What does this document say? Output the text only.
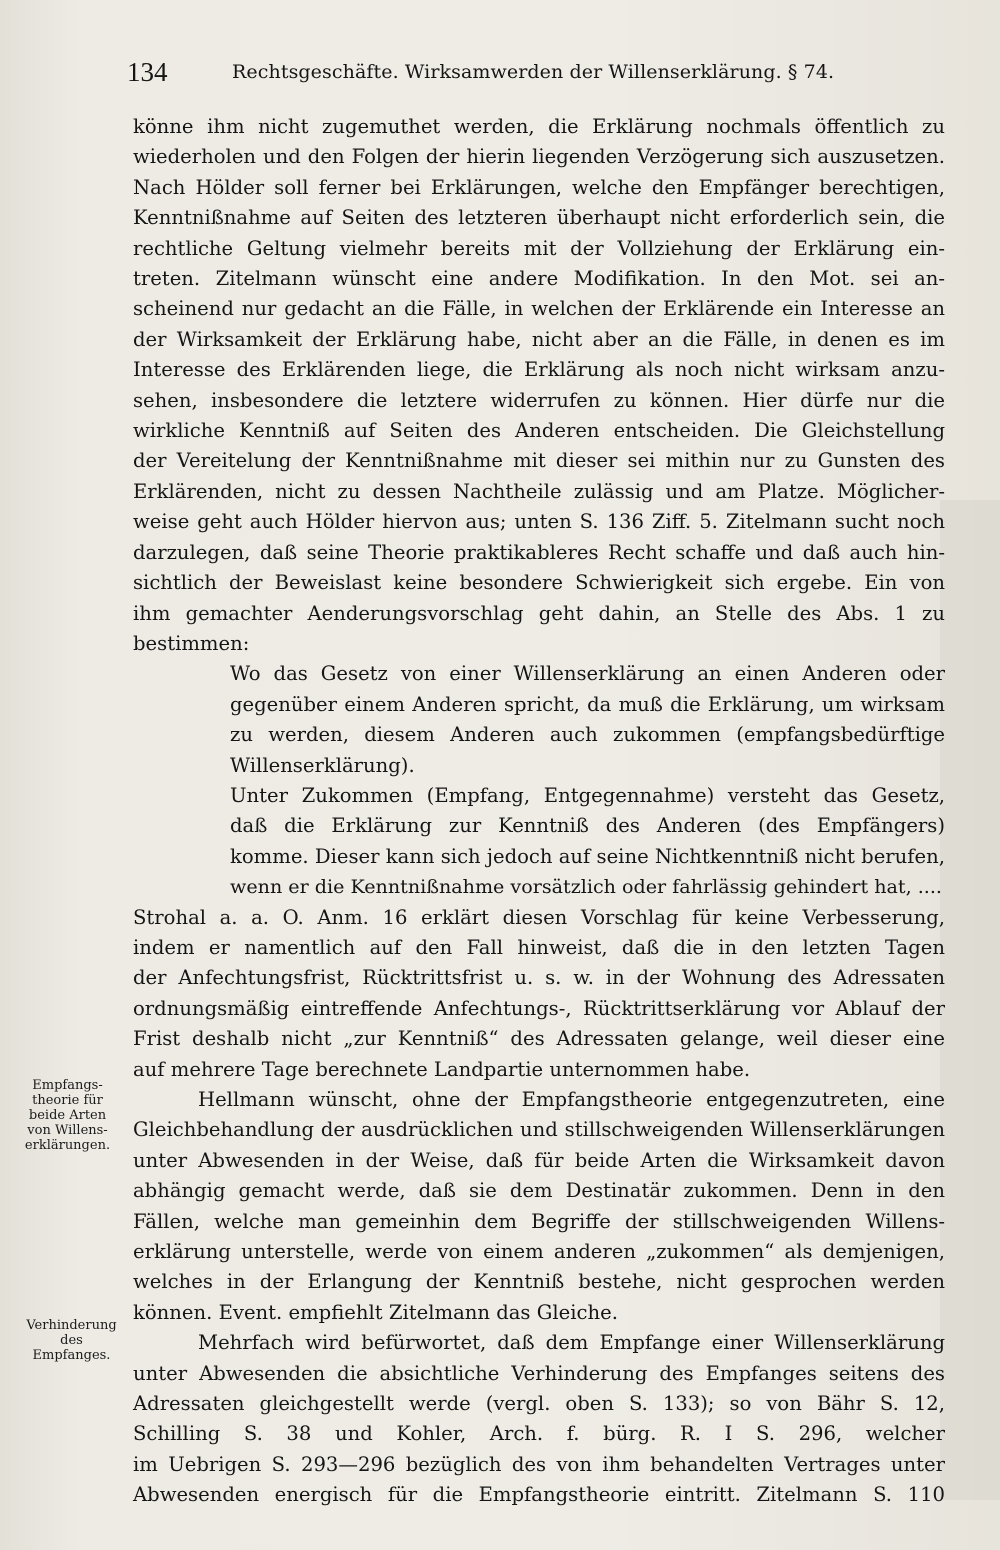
134	Rechtsgeschäfte. Wirksamwerden der Willenserklärung. § 74.
Empfangs-
theorie für
beide Arten
von Willens-
erklärungen.
Verhinderung
des
Empfanges.
könne ihm nicht zugemuthet werden, die Erklärung nochmals öffentlich zu
wiederholen und den Folgen der hierin liegenden Verzögerung sich auszusetzen.
Nach Hölder soll ferner bei Erklärungen, welche den Empfänger berechtigen,
Kenntnißnahme auf Seiten des letzteren überhaupt nicht erforderlich sein, die
rechtliche Geltung vielmehr bereits mit der Vollziehung der Erklärung ein-
treten. Zitelmann wünscht eine andere Modifikation. In den Mot. sei an-
scheinend nur gedacht an die Fälle, in welchen der Erklärende ein Interesse an
der Wirksamkeit der Erklärung habe, nicht aber an die Fälle, in denen es im
Interesse des Erklärenden liege, die Erklärung als noch nicht wirksam anzu-
sehen, insbesondere die letztere widerrufen zu können. Hier dürfe nur die
wirkliche Kenntniß auf Seiten des Anderen entscheiden. Die Gleichstellung
der Vereitelung der Kenntnißnahme mit dieser sei mithin nur zu Gunsten des
Erklärenden, nicht zu dessen Nachtheile zulässig und am Platze. Möglicher-
weise geht auch Hölder hiervon aus; unten S. 136 Ziff. 5. Zitelmann sucht noch
darzulegen, daß seine Theorie praktikableres Recht schaffe und daß auch hin-
sichtlich der Beweislast keine besondere Schwierigkeit sich ergebe. Ein von
ihm gemachter Aenderungsvorschlag geht dahin, an Stelle des Abs. 1 zu
bestimmen:
Wo das Gesetz von einer Willenserklärung an einen Anderen oder
gegenüber einem Anderen spricht, da muß die Erklärung, um wirksam
zu werden, diesem Anderen auch zukommen (empfangsbedürftige
Willenserklärung).
Unter Zukommen (Empfang, Entgegennahme) versteht das Gesetz,
daß die Erklärung zur Kenntniß des Anderen (des Empfängers)
komme. Dieser kann sich jedoch auf seine Nichtkenntniß nicht berufen,
wenn er die Kenntnißnahme vorsätzlich oder fahrlässig gehindert hat, ....
Strohal a. a. O. Anm. 16 erklärt diesen Vorschlag für keine Verbesserung,
indem er namentlich auf den Fall hinweist, daß die in den letzten Tagen
der Anfechtungsfrist, Rücktrittsfrist u. s. w. in der Wohnung des Adressaten
ordnungsmäßig eintreffende Anfechtungs-, Rücktrittserklärung vor Ablauf der
Frist deshalb nicht „zur Kenntniß“ des Adressaten gelange, weil dieser eine
auf mehrere Tage berechnete Landpartie unternommen habe.
Hellmann wünscht, ohne der Empfangstheorie entgegenzutreten, eine
Gleichbehandlung der ausdrücklichen und stillschweigenden Willenserklärungen
unter Abwesenden in der Weise, daß für beide Arten die Wirksamkeit davon
abhängig gemacht werde, daß sie dem Destinatär zukommen. Denn in den
Fällen, welche man gemeinhin dem Begriffe der stillschweigenden Willens-
erklärung unterstelle, werde von einem anderen „zukommen“ als demjenigen,
welches in der Erlangung der Kenntniß bestehe, nicht gesprochen werden
können. Event. empfiehlt Zitelmann das Gleiche.
Mehrfach wird befürwortet, daß dem Empfange einer Willenserklärung
unter Abwesenden die absichtliche Verhinderung des Empfanges seitens des
Adressaten gleichgestellt werde (vergl. oben S. 133); so von Bähr S. 12,
Schilling S. 38 und Kohler, Arch. f. bürg. R. I S. 296, welcher
im Uebrigen S. 293—296 bezüglich des von ihm behandelten Vertrages unter
Abwesenden energisch für die Empfangstheorie eintritt. Zitelmann S. 110
